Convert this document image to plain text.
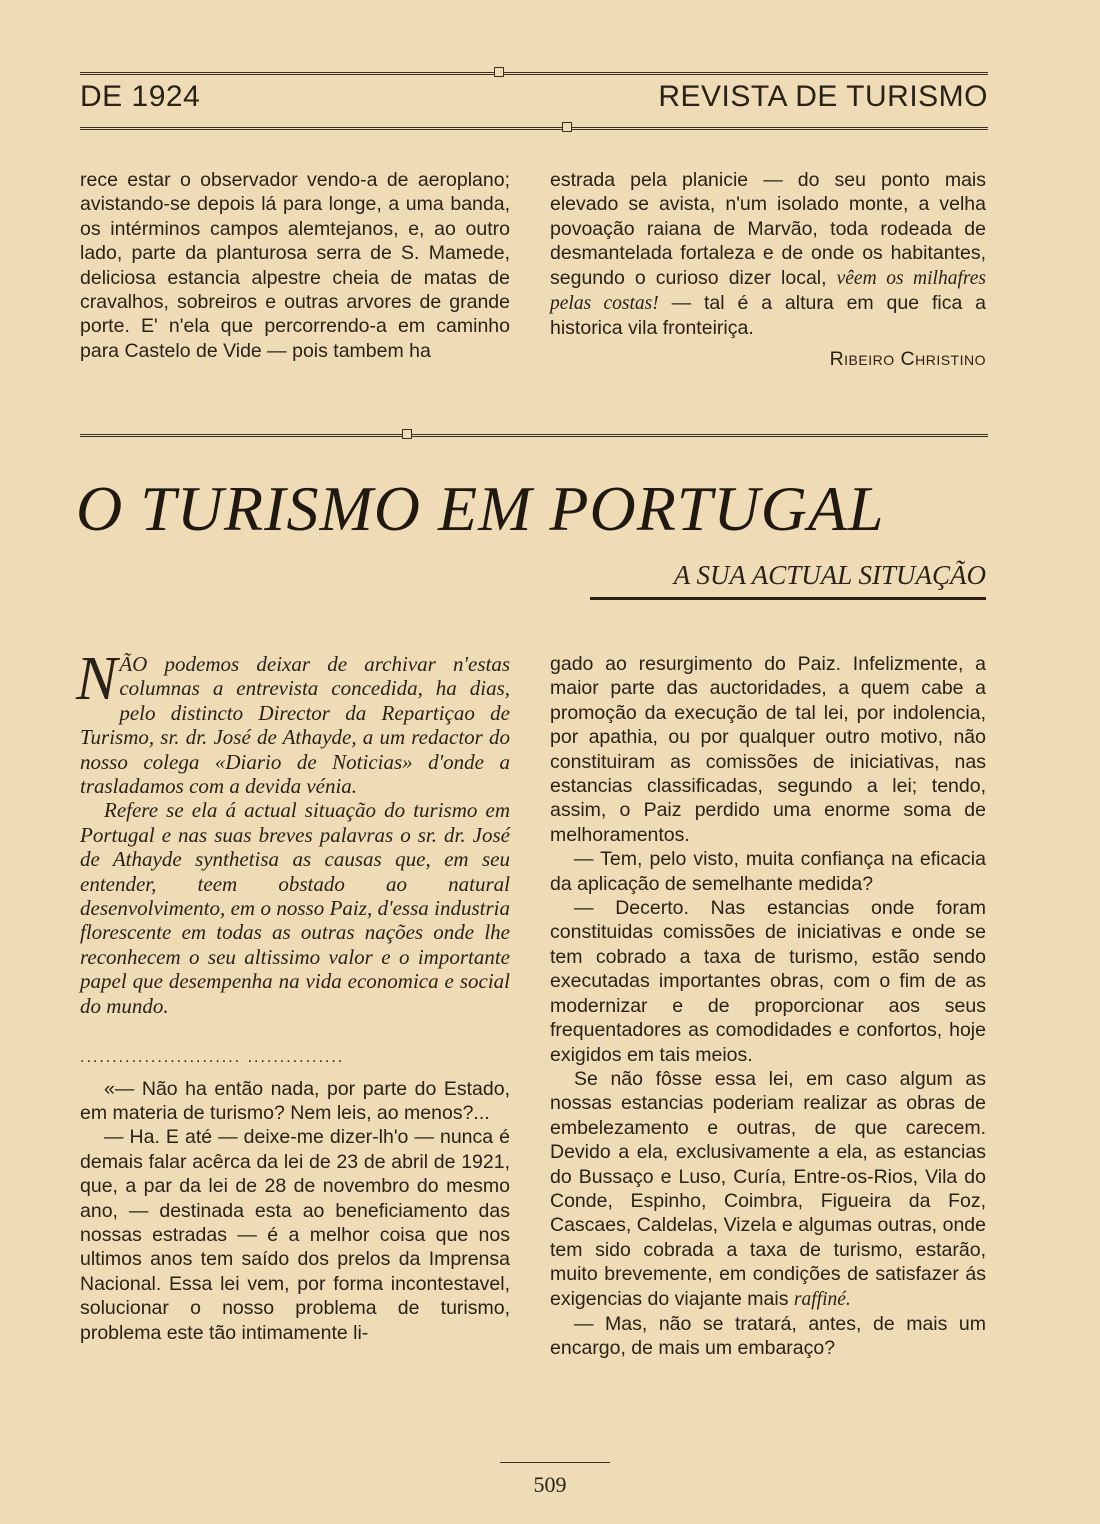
DE 1924	REVISTA DE TURISMO

rece estar o observador vendo-a de aeroplano; avistando-se depois lá para longe, a uma banda, os intérminos campos alemtejanos, e, ao outro lado, parte da planturosa serra de S. Mamede, deliciosa estancia alpestre cheia de matas de cravalhos, sobreiros e outras arvores de grande porte. E' n'ela que percorrendo-a em caminho para Castelo de Vide — pois tambem ha

estrada pela planicie — do seu ponto mais elevado se avista, n'um isolado monte, a velha povoação raiana de Marvão, toda rodeada de desmantelada fortaleza e de onde os habitantes, segundo o curioso dizer local, vêem os milhafres pelas costas! — tal é a altura em que fica a historica vila fronteiriça.

Ribeiro Christino

O TURISMO EM PORTUGAL
A SUA ACTUAL SITUAÇÃO

N ÃO podemos deixar de archivar n'estas columnas a entrevista concedida, ha dias, pelo distincto Director da Repartiçao de Turismo, sr. dr. José de Athayde, a um redactor do nosso colega «Diario de Noticias» d'onde a trasladamos com a devida vénia.

Refere se ela á actual situação do turismo em Portugal e nas suas breves palavras o sr. dr. José de Athayde synthetisa as causas que, em seu entender, teem obstado ao natural desenvolvimento, em o nosso Paiz, d'essa industria florescente em todas as outras nações onde lhe reconhecem o seu altissimo valor e o importante papel que desempenha na vida economica e social do mundo.

......................... ...............

«— Não ha então nada, por parte do Estado, em materia de turismo? Nem leis, ao menos?...

— Ha. E até — deixe-me dizer-lh'o — nunca é demais falar acêrca da lei de 23 de abril de 1921, que, a par da lei de 28 de novembro do mesmo ano, — destinada esta ao beneficiamento das nossas estradas — é a melhor coisa que nos ultimos anos tem saído dos prelos da Imprensa Nacional. Essa lei vem, por forma incontestavel, solucionar o nosso problema de turismo, problema este tão intimamente li-

gado ao resurgimento do Paiz. Infelizmente, a maior parte das auctoridades, a quem cabe a promoção da execução de tal lei, por indolencia, por apathia, ou por qualquer outro motivo, não constituiram as comissões de iniciativas, nas estancias classificadas, segundo a lei; tendo, assim, o Paiz perdido uma enorme soma de melhoramentos.

— Tem, pelo visto, muita confiança na eficacia da aplicação de semelhante medida?

— Decerto. Nas estancias onde foram constituidas comissões de iniciativas e onde se tem cobrado a taxa de turismo, estão sendo executadas importantes obras, com o fim de as modernizar e de proporcionar aos seus frequentadores as comodidades e confortos, hoje exigidos em tais meios.

Se não fôsse essa lei, em caso algum as nossas estancias poderiam realizar as obras de embelezamento e outras, de que carecem. Devido a ela, exclusivamente a ela, as estancias do Bussaço e Luso, Curía, Entre-os-Rios, Vila do Conde, Espinho, Coimbra, Figueira da Foz, Cascaes, Caldelas, Vizela e algumas outras, onde tem sido cobrada a taxa de turismo, estarão, muito brevemente, em condições de satisfazer ás exigencias do viajante mais raffiné.

— Mas, não se tratará, antes, de mais um encargo, de mais um embaraço?

509
